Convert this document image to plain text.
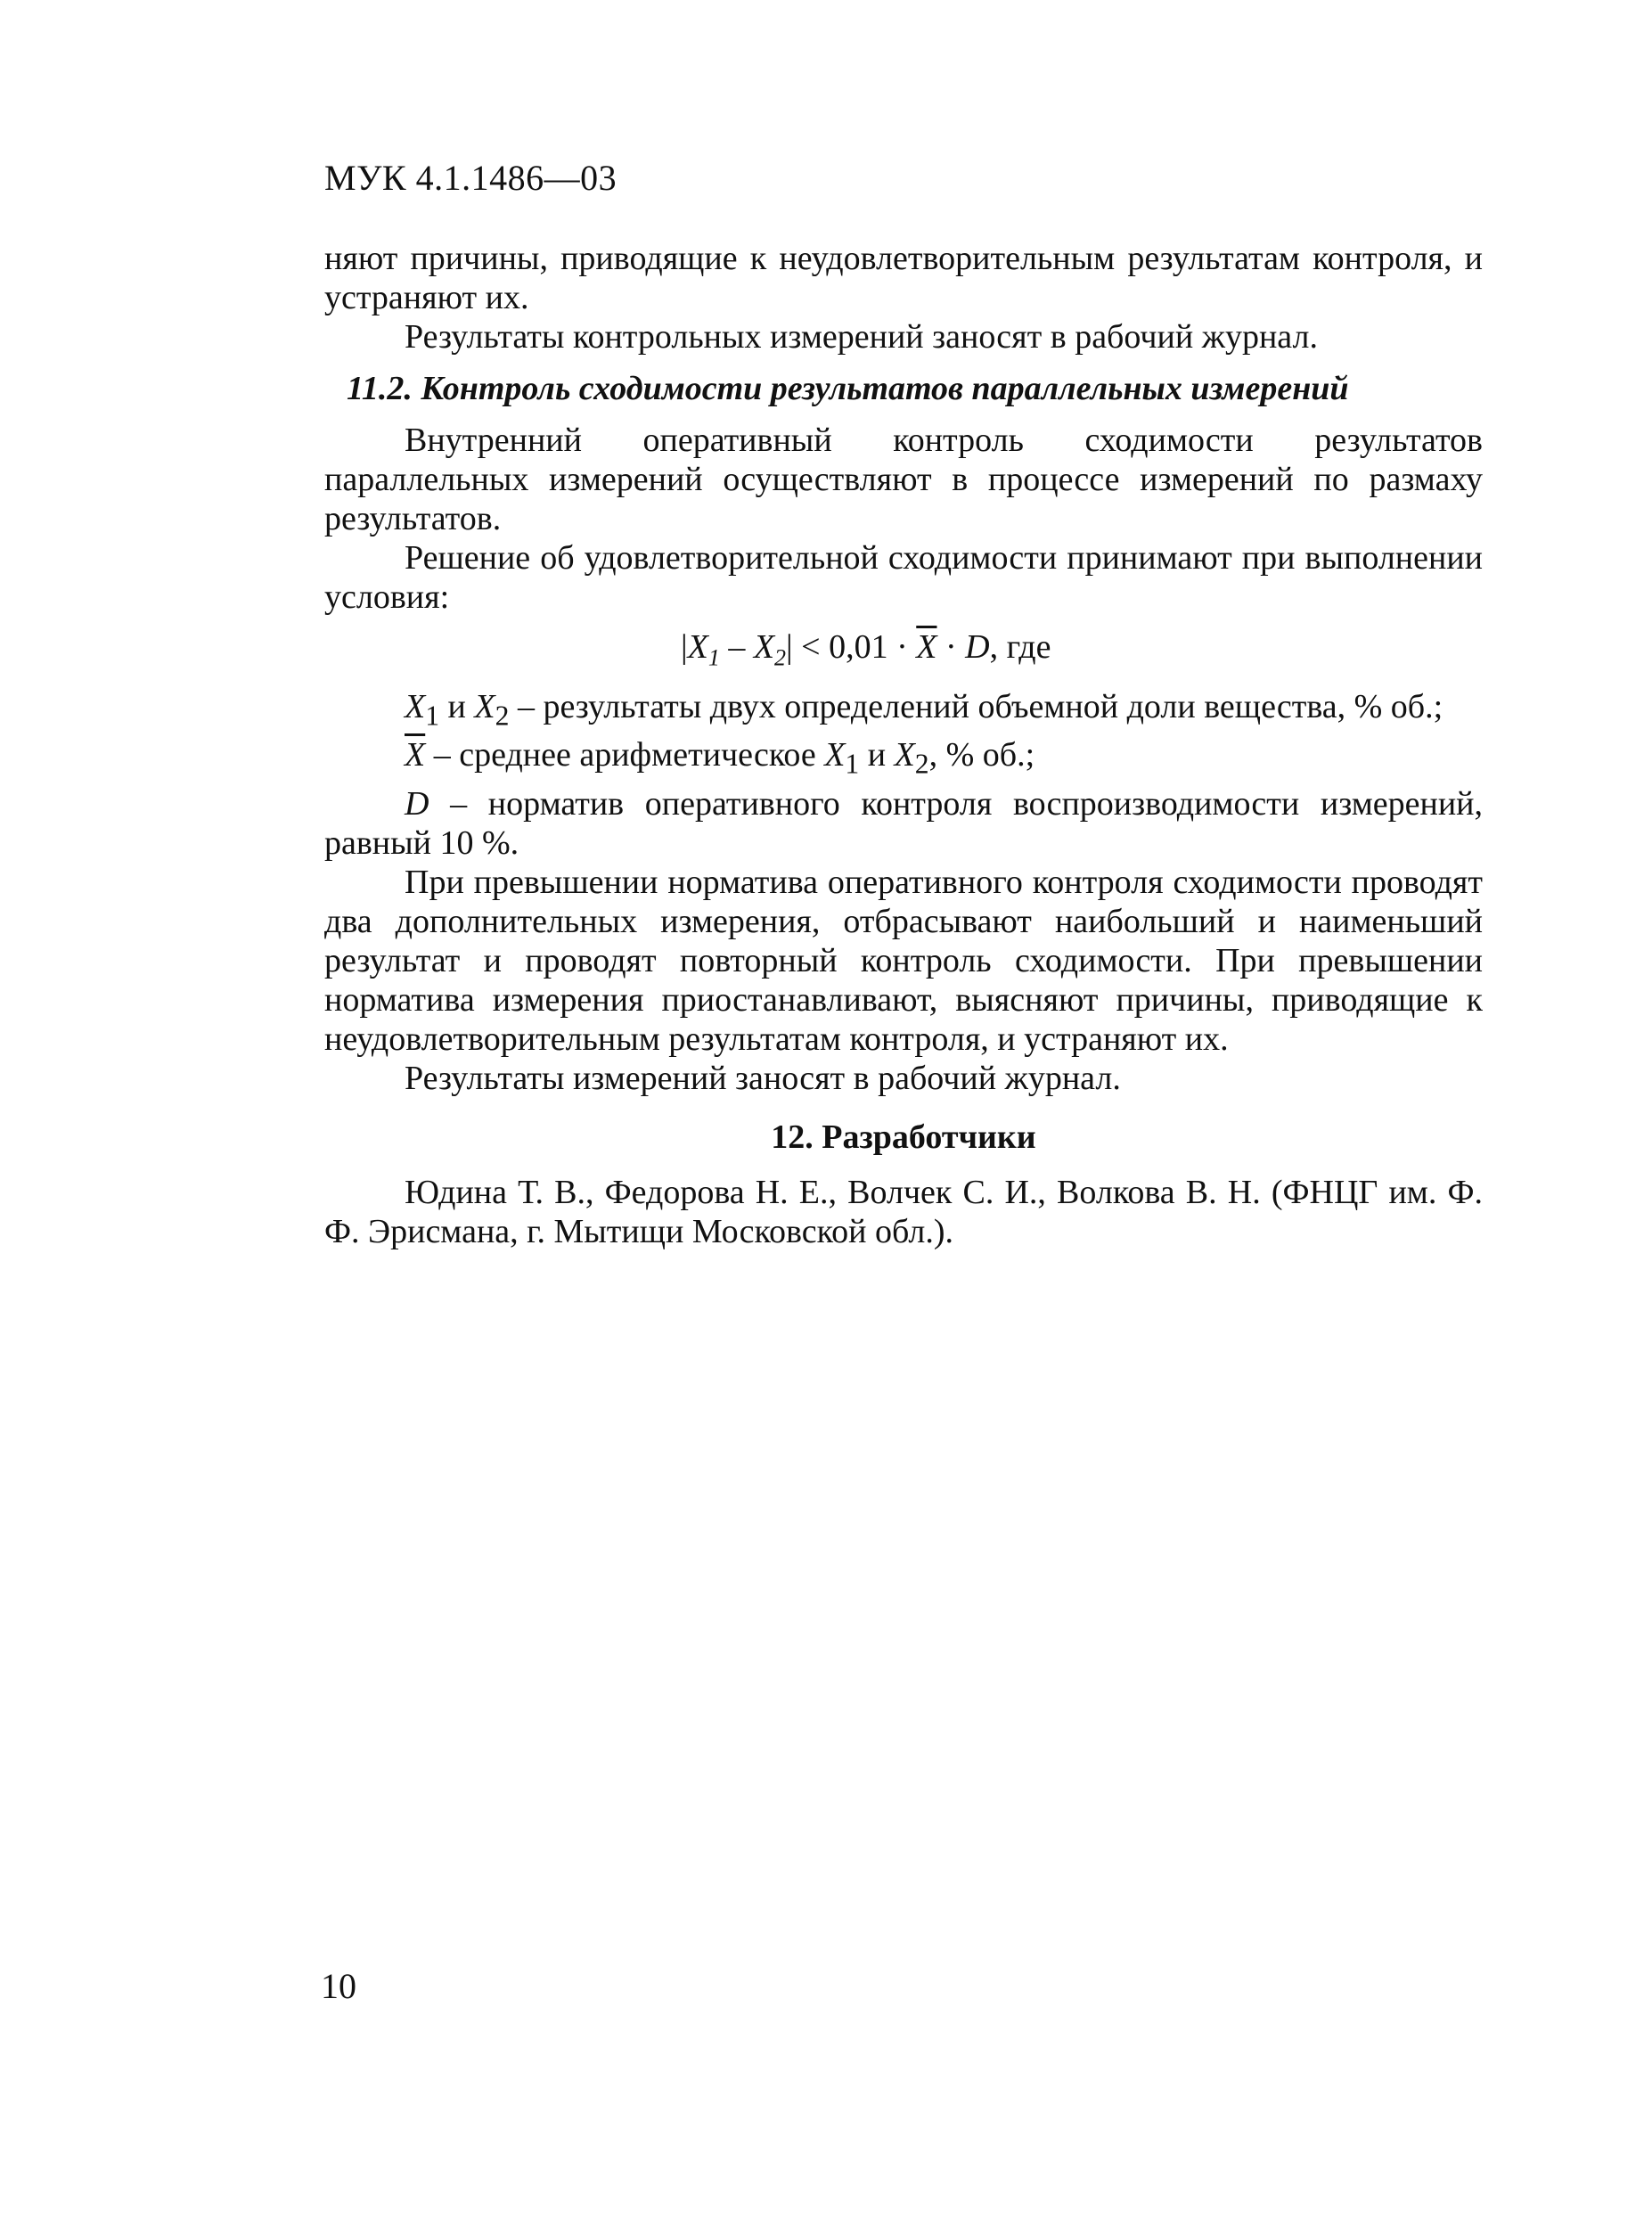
МУК 4.1.1486—03

няют причины, приводящие к неудовлетворительным результатам контроля, и устраняют их.

Результаты контрольных измерений заносят в рабочий журнал.

11.2. Контроль сходимости результатов параллельных измерений

Внутренний оперативный контроль сходимости результатов параллельных измерений осуществляют в процессе измерений по размаху результатов.

Решение об удовлетворительной сходимости принимают при выполнении условия:

$|X_1 - X_2| < 0,01 \cdot \overline{X} \cdot D$, где

$X_1$ и $X_2$ – результаты двух определений объемной доли вещества, % об.;

$\overline{X}$ – среднее арифметическое $X_1$ и $X_2$, % об.;

D – норматив оперативного контроля воспроизводимости измерений, равный 10 %.

При превышении норматива оперативного контроля сходимости проводят два дополнительных измерения, отбрасывают наибольший и наименьший результат и проводят повторный контроль сходимости. При превышении норматива измерения приостанавливают, выясняют причины, приводящие к неудовлетворительным результатам контроля, и устраняют их.

Результаты измерений заносят в рабочий журнал.

12. Разработчики

Юдина Т. В., Федорова Н. Е., Волчек С. И., Волкова В. Н. (ФНЦГ им. Ф. Ф. Эрисмана, г. Мытищи Московской обл.).

10
